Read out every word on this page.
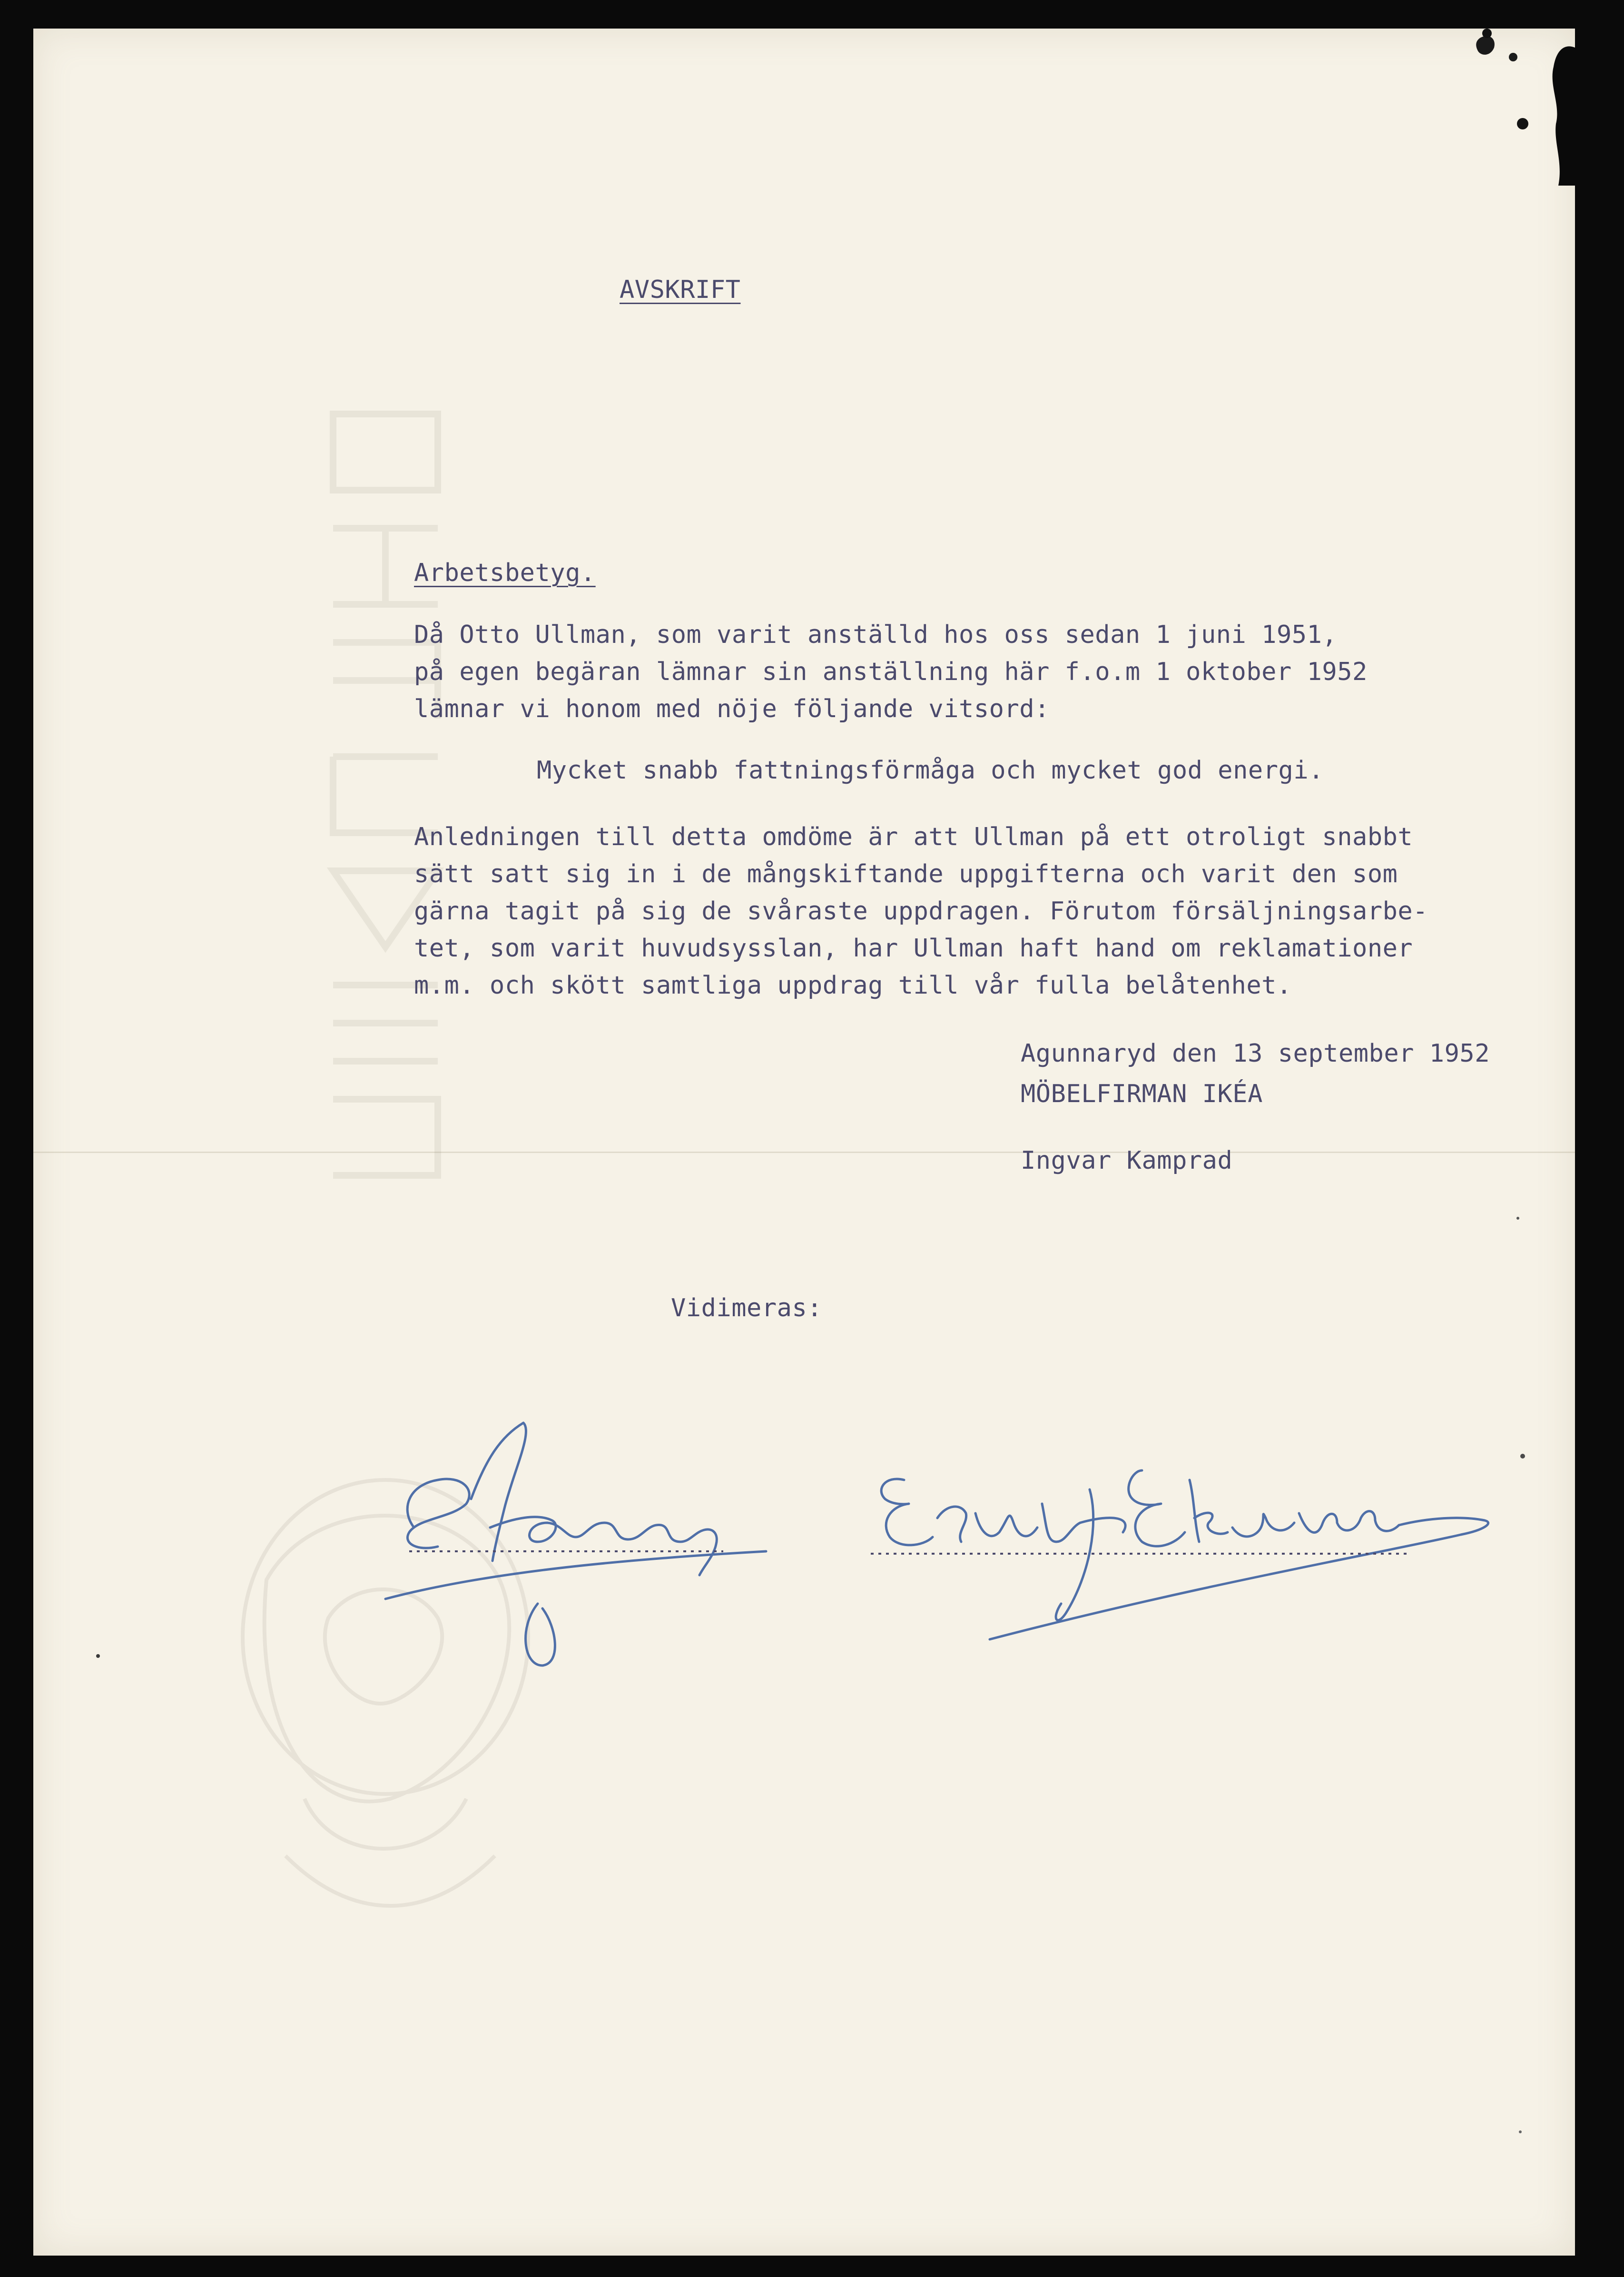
AVSKRIFT
Arbetsbetyg.
Då Otto Ullman, som varit anställd hos oss sedan 1 juni 1951,
på egen begäran lämnar sin anställning här f.o.m 1 oktober 1952
lämnar vi honom med nöje följande vitsord:
Mycket snabb fattningsförmåga och mycket god energi.
Anledningen till detta omdöme är att Ullman på ett otroligt snabbt
sätt satt sig in i de mångskiftande uppgifterna och varit den som
gärna tagit på sig de svåraste uppdragen. Förutom försäljningsarbe-
tet, som varit huvudsysslan, har Ullman haft hand om reklamationer
m.m. och skött samtliga uppdrag till vår fulla belåtenhet.
Agunnaryd den 13 september 1952
MÖBELFIRMAN IKÉA
Ingvar Kamprad
Vidimeras:
